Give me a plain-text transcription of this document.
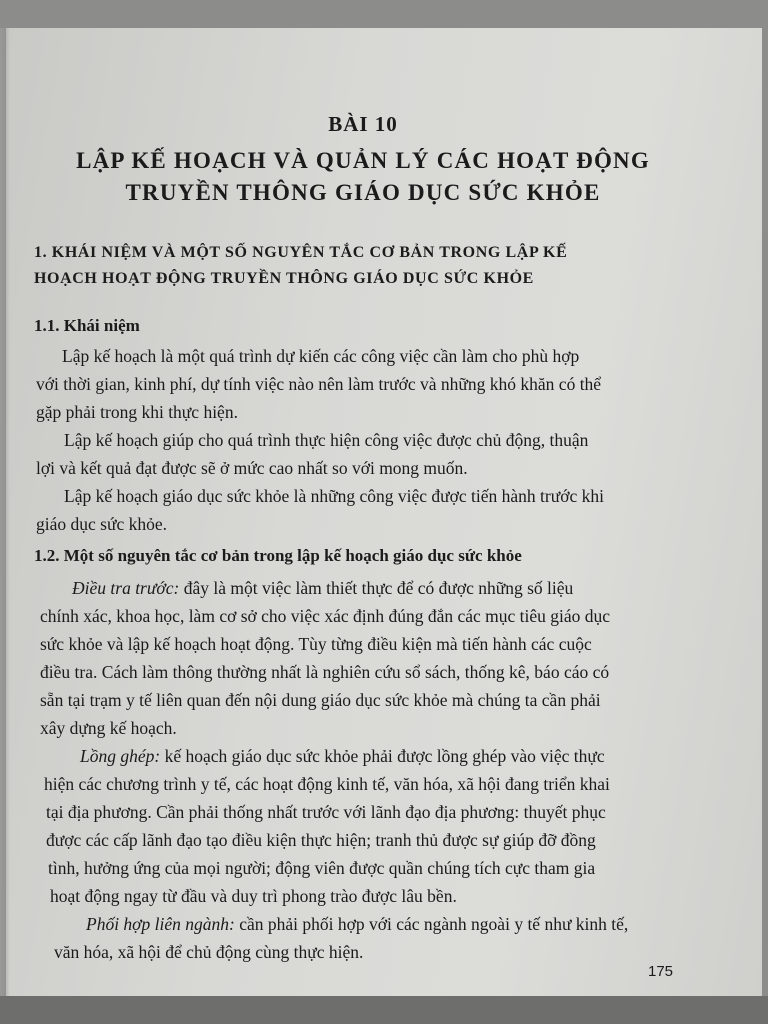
BÀI 10
LẬP KẾ HOẠCH VÀ QUẢN LÝ CÁC HOẠT ĐỘNG
TRUYỀN THÔNG GIÁO DỤC SỨC KHỎE
1. KHÁI NIỆM VÀ MỘT SỐ NGUYÊN TẮC CƠ BẢN TRONG LẬP KẾ
HOẠCH HOẠT ĐỘNG TRUYỀN THÔNG GIÁO DỤC SỨC KHỎE
1.1. Khái niệm
Lập kế hoạch là một quá trình dự kiến các công việc cần làm cho phù hợp
với thời gian, kinh phí, dự tính việc nào nên làm trước và những khó khăn có thể
gặp phải trong khi thực hiện.
Lập kế hoạch giúp cho quá trình thực hiện công việc được chủ động, thuận
lợi và kết quả đạt được sẽ ở mức cao nhất so với mong muốn.
Lập kế hoạch giáo dục sức khỏe là những công việc được tiến hành trước khi
giáo dục sức khỏe.
1.2. Một số nguyên tắc cơ bản trong lập kế hoạch giáo dục sức khỏe
Điều tra trước: đây là một việc làm thiết thực để có được những số liệu
chính xác, khoa học, làm cơ sở cho việc xác định đúng đắn các mục tiêu giáo dục
sức khỏe và lập kế hoạch hoạt động. Tùy từng điều kiện mà tiến hành các cuộc
điều tra. Cách làm thông thường nhất là nghiên cứu sổ sách, thống kê, báo cáo có
sẵn tại trạm y tế liên quan đến nội dung giáo dục sức khỏe mà chúng ta cần phải
xây dựng kế hoạch.
Lồng ghép: kế hoạch giáo dục sức khỏe phải được lồng ghép vào việc thực
hiện các chương trình y tế, các hoạt động kinh tế, văn hóa, xã hội đang triển khai
tại địa phương. Cần phải thống nhất trước với lãnh đạo địa phương: thuyết phục
được các cấp lãnh đạo tạo điều kiện thực hiện; tranh thủ được sự giúp đỡ đồng
tình, hưởng ứng của mọi người; động viên được quần chúng tích cực tham gia
hoạt động ngay từ đầu và duy trì phong trào được lâu bền.
Phối hợp liên ngành: cần phải phối hợp với các ngành ngoài y tế như kinh tế,
văn hóa, xã hội để chủ động cùng thực hiện.
175
